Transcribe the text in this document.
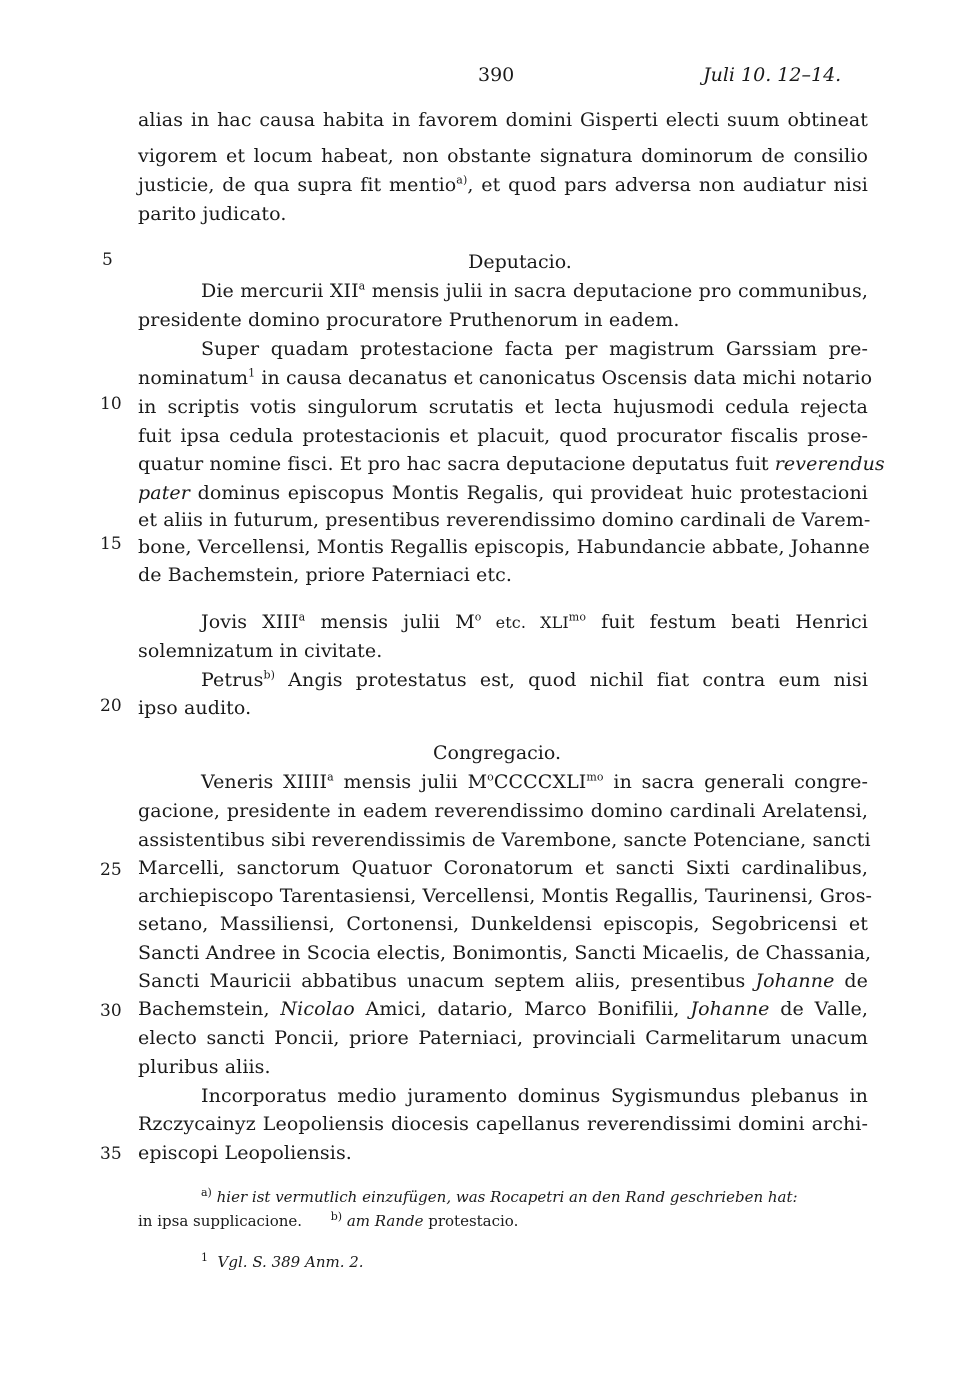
390	Juli 10. 12–14.
5
10
15
20
25
30
35
alias in hac causa habita in favorem domini Gisperti electi suum obtineat
vigorem et locum habeat, non obstante signatura dominorum de consilio
justicie, de qua supra fit mentio$^{a)}$, et quod pars adversa non audiatur nisi
parito judicato.
Deputacio.
Die mercurii XII$^a$ mensis julii in sacra deputacione pro communibus,
presidente domino procuratore Pruthenorum in eadem.
Super quadam protestacione facta per magistrum Garssiam pre-
nominatum$^1$ in causa decanatus et canonicatus Oscensis data michi notario
in scriptis votis singulorum scrutatis et lecta hujusmodi cedula rejecta
fuit ipsa cedula protestacionis et placuit, quod procurator fiscalis prose-
quatur nomine fisci. Et pro hac sacra deputacione deputatus fuit reverendus
pater dominus episcopus Montis Regalis, qui provideat huic protestacioni
et aliis in futurum, presentibus reverendissimo domino cardinali de Varem-
bone, Vercellensi, Montis Regallis episcopis, Habundancie abbate, Johanne
de Bachemstein, priore Paterniaci etc.
Jovis XIII$^a$ mensis julii $M^o$ etc. $XLI^{mo}$ fuit festum beati Henrici
solemnizatum in civitate.
Petrus$^{b)}$ Angis protestatus est, quod nichil fiat contra eum nisi
ipso audito.
Congregacio.
Veneris XIIII$^a$ mensis julii $M^oCCCCXLI^{mo}$ in sacra generali congre-
gacione, presidente in eadem reverendissimo domino cardinali Arelatensi,
assistentibus sibi reverendissimis de Varembone, sancte Potenciane, sancti
Marcelli, sanctorum Quatuor Coronatorum et sancti Sixti cardinalibus,
archiepiscopo Tarentasiensi, Vercellensi, Montis Regallis, Taurinensi, Gros-
setano, Massiliensi, Cortonensi, Dunkeldensi episcopis, Segobricensi et
Sancti Andree in Scocia electis, Bonimontis, Sancti Micaelis, de Chassania,
Sancti Mauricii abbatibus unacum septem aliis, presentibus Johanne de
Bachemstein, Nicolao Amici, datario, Marco Bonifilii, Johanne de Valle,
electo sancti Poncii, priore Paterniaci, provinciali Carmelitarum unacum
pluribus aliis.
Incorporatus medio juramento dominus Sygismundus plebanus in
Rzczycainyz Leopoliensis diocesis capellanus reverendissimi domini archi-
episcopi Leopoliensis.
$^{a)}$ hier ist vermutlich einzufügen, was Rocapetri an den Rand geschrieben hat:
in ipsa supplicacione.	$^{b)}$ am Rande protestacio.
$^1$ Vgl. S. 389 Anm. 2.
